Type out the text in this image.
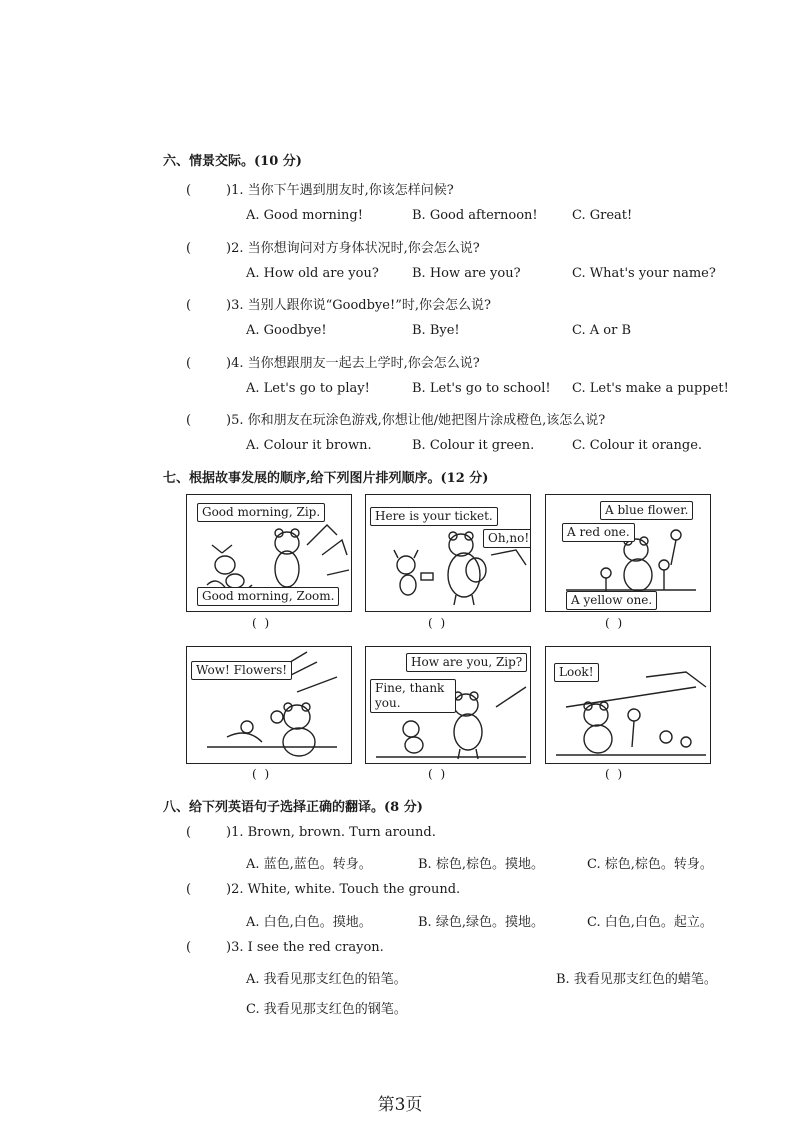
六、情景交际。(10 分)
(	)1. 当你下午遇到朋友时,你该怎样问候?
A. Good morning!	B. Good afternoon!	C. Great!
(	)2. 当你想询问对方身体状况时,你会怎么说?
A. How old are you?	B. How are you?	C. What's your name?
(	)3. 当别人跟你说“Goodbye!”时,你会怎么说?
A. Goodbye!	B. Bye!	C. A or B
(	)4. 当你想跟朋友一起去上学时,你会怎么说?
A. Let's go to play!	B. Let's go to school! C. Let's make a puppet!
(	)5. 你和朋友在玩涂色游戏,你想让他/她把图片涂成橙色,该怎么说?
A. Colour it brown.	B. Colour it green.	C. Colour it orange.
七、根据故事发展的顺序,给下列图片排列顺序。(12 分)
Good morning, Zip.
Good morning, Zoom.
( )
Here is your ticket.
Oh,no!
( )
A blue flower.
A red one.
A yellow one.
( )
Wow! Flowers!
( )
How are you, Zip?
Fine, thank you.
( )
Look!
( )
八、给下列英语句子选择正确的翻译。(8 分)
(	)1. Brown, brown. Turn around.
A. 蓝色,蓝色。转身。	B. 棕色,棕色。摸地。	C. 棕色,棕色。转身。
(	)2. White, white. Touch the ground.
A. 白色,白色。摸地。	B. 绿色,绿色。摸地。	C. 白色,白色。起立。
(	)3. I see the red crayon.
A. 我看见那支红色的铅笔。	B. 我看见那支红色的蜡笔。
C. 我看见那支红色的钢笔。
第3页
